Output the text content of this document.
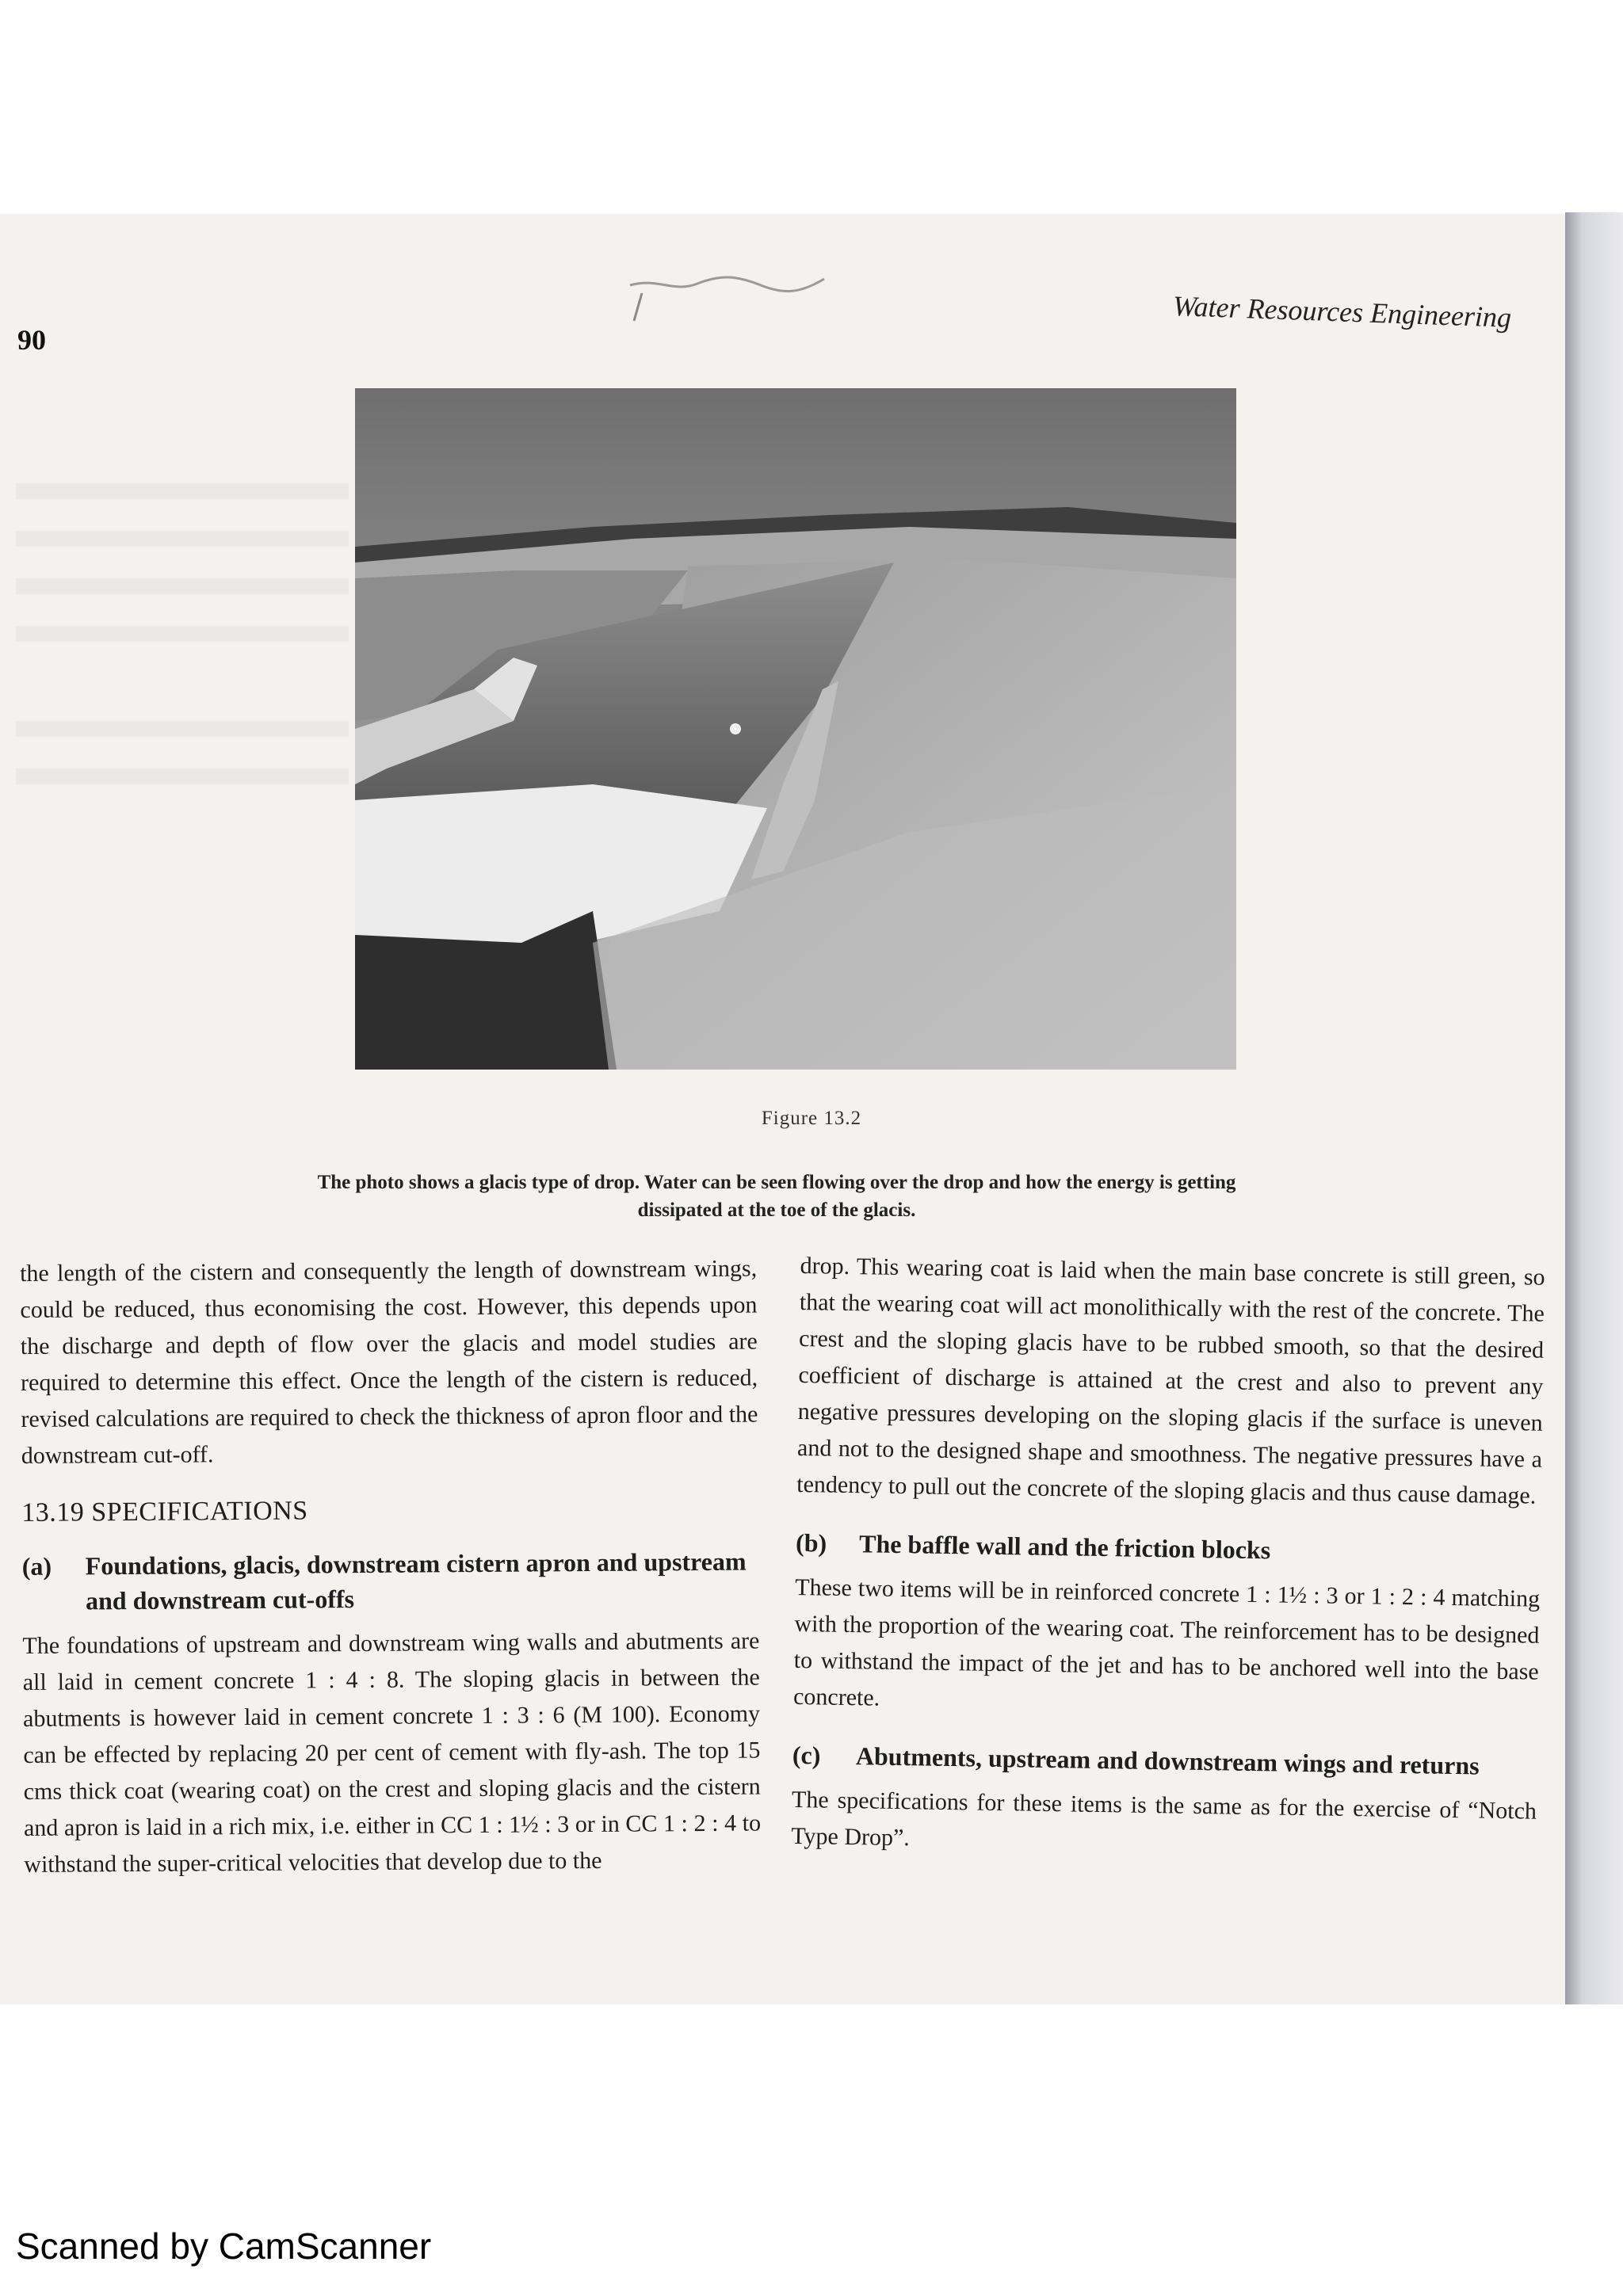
90
Water Resources Engineering
Figure 13.2
The photo shows a glacis type of drop. Water can be seen flowing over the drop and how the energy is getting dissipated at the toe of the glacis.

the length of the cistern and consequently the length of downstream wings, could be reduced, thus economising the cost. However, this depends upon the discharge and depth of flow over the glacis and model studies are required to determine this effect. Once the length of the cistern is reduced, revised calculations are required to check the thickness of apron floor and the downstream cut-off.

13.19 SPECIFICATIONS
(a) Foundations, glacis, downstream cistern apron and upstream and downstream cut-offs

The foundations of upstream and downstream wing walls and abutments are all laid in cement concrete 1 : 4 : 8. The sloping glacis in between the abutments is however laid in cement concrete 1 : 3 : 6 (M 100). Economy can be effected by replacing 20 per cent of cement with fly-ash. The top 15 cms thick coat (wearing coat) on the crest and sloping glacis and the cistern and apron is laid in a rich mix, i.e. either in CC 1 : 1½ : 3 or in CC 1 : 2 : 4 to withstand the super-critical velocities that develop due to the

drop. This wearing coat is laid when the main base concrete is still green, so that the wearing coat will act monolithically with the rest of the concrete. The crest and the sloping glacis have to be rubbed smooth, so that the desired coefficient of discharge is attained at the crest and also to prevent any negative pressures developing on the sloping glacis if the surface is uneven and not to the designed shape and smoothness. The negative pressures have a tendency to pull out the concrete of the sloping glacis and thus cause damage.

(b) The baffle wall and the friction blocks

These two items will be in reinforced concrete 1 : 1½ : 3 or 1 : 2 : 4 matching with the proportion of the wearing coat. The reinforcement has to be designed to withstand the impact of the jet and has to be anchored well into the base concrete.

(c) Abutments, upstream and downstream wings and returns

The specifications for these items is the same as for the exercise of “Notch Type Drop”.

Scanned by CamScanner
